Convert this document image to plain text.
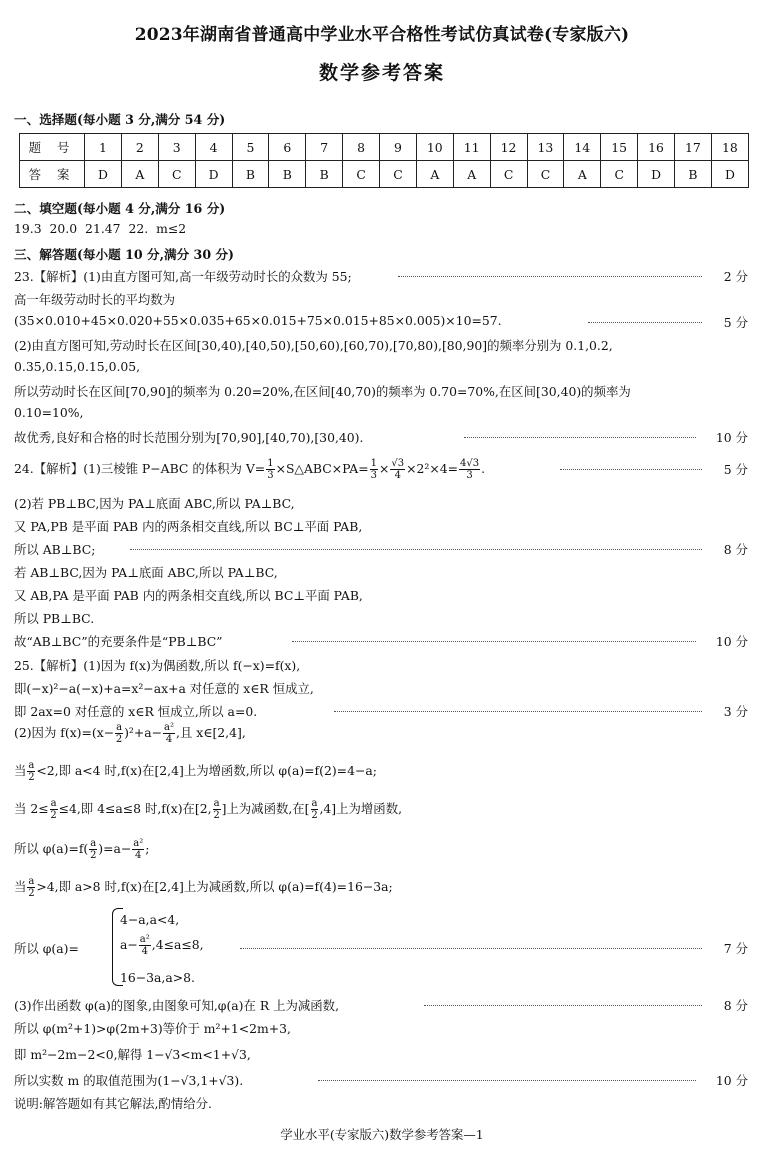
2023年湖南省普通高中学业水平合格性考试仿真试卷(专家版六)
数学参考答案
一、选择题(每小题 3 分,满分 54 分)
题 号	1	2	3	4	5	6	7	8	9	10	11	12	13	14	15	16	17	18
答 案	D	A	C	D	B	B	B	C	C	A	A	C	C	A	C	D	B	D
二、填空题(每小题 4 分,满分 16 分)
19.3 20.0 21.47 22. m≤2
三、解答题(每小题 10 分,满分 30 分)
23.【解析】(1)由直方图可知,高一年级劳动时长的众数为 55;	2 分
高一年级劳动时长的平均数为
(35×0.010+45×0.020+55×0.035+65×0.015+75×0.015+85×0.005)×10=57.	5 分
(2)由直方图可知,劳动时长在区间[30,40),[40,50),[50,60),[60,70),[70,80),[80,90]的频率分别为 0.1,0.2,
0.35,0.15,0.15,0.05,
所以劳动时长在区间[70,90]的频率为 0.20=20%,在区间[40,70)的频率为 0.70=70%,在区间[30,40)的频率为
0.10=10%,
故优秀,良好和合格的时长范围分别为[70,90],[40,70),[30,40).	10 分
24.【解析】(1)三棱锥 P−ABC 的体积为 $V= \frac{1}{3}$ ×S△ABC×PA= $\frac{1}{3} \times \frac{√3}{4} \times 2^2\times 4= \frac{4√3}{3}$ .	5 分
(2)若 PB⊥BC,因为 PA⊥底面 ABC,所以 PA⊥BC,
又 PA,PB 是平面 PAB 内的两条相交直线,所以 BC⊥平面 PAB,
所以 AB⊥BC;	8 分
若 AB⊥BC,因为 PA⊥底面 ABC,所以 PA⊥BC,
又 AB,PA 是平面 PAB 内的两条相交直线,所以 BC⊥平面 PAB,
所以 PB⊥BC.
故“AB⊥BC”的充要条件是“PB⊥BC”	10 分
25.【解析】(1)因为 f(x)为偶函数,所以 f(−x)=f(x),
即(−x)²−a(−x)+a=x²−ax+a 对任意的 x∈R 恒成立,
即 2ax=0 对任意的 x∈R 恒成立,所以 a=0.	3 分
(2)因为 $f(x)=(x- \frac{a}{2} )^2+a- \frac{\text{a²}}{4}$ ,且 x∈[2,4],
当 $\frac{a}{2} <2$,即 a<4 时,f(x)在[2,4]上为增函数,所以 φ(a)=f(2)=4−a;
当 $2\le \frac{a}{2} \le 4$,即 4≤a≤8 时,f(x)在[2, $\frac{a}{2}$ ]上为减函数,在[ $\frac{a}{2} ,4$]上为增函数,
所以 $\varphi(a)=f( \frac{a}{2} )=a- \frac{\text{a²}}{4}$ ;
当 $\frac{a}{2} >4$,即 a>8 时,f(x)在[2,4]上为减函数,所以 φ(a)=f(4)=16−3a;
所以 φ(a)=	7 分
4−a,a<4,
$a- \frac{\text{a²}}{4} ,4\le a\le 8$,
16−3a,a>8.
(3)作出函数 φ(a)的图象,由图象可知,φ(a)在 R 上为减函数,	8 分
所以 φ(m²+1)>φ(2m+3)等价于 m²+1<2m+3,
即 m²−2m−2<0,解得 1−√3<m<1+√3,
所以实数 m 的取值范围为(1−√3,1+√3).	10 分
说明:解答题如有其它解法,酌情给分.
学业水平(专家版六)数学参考答案—1
